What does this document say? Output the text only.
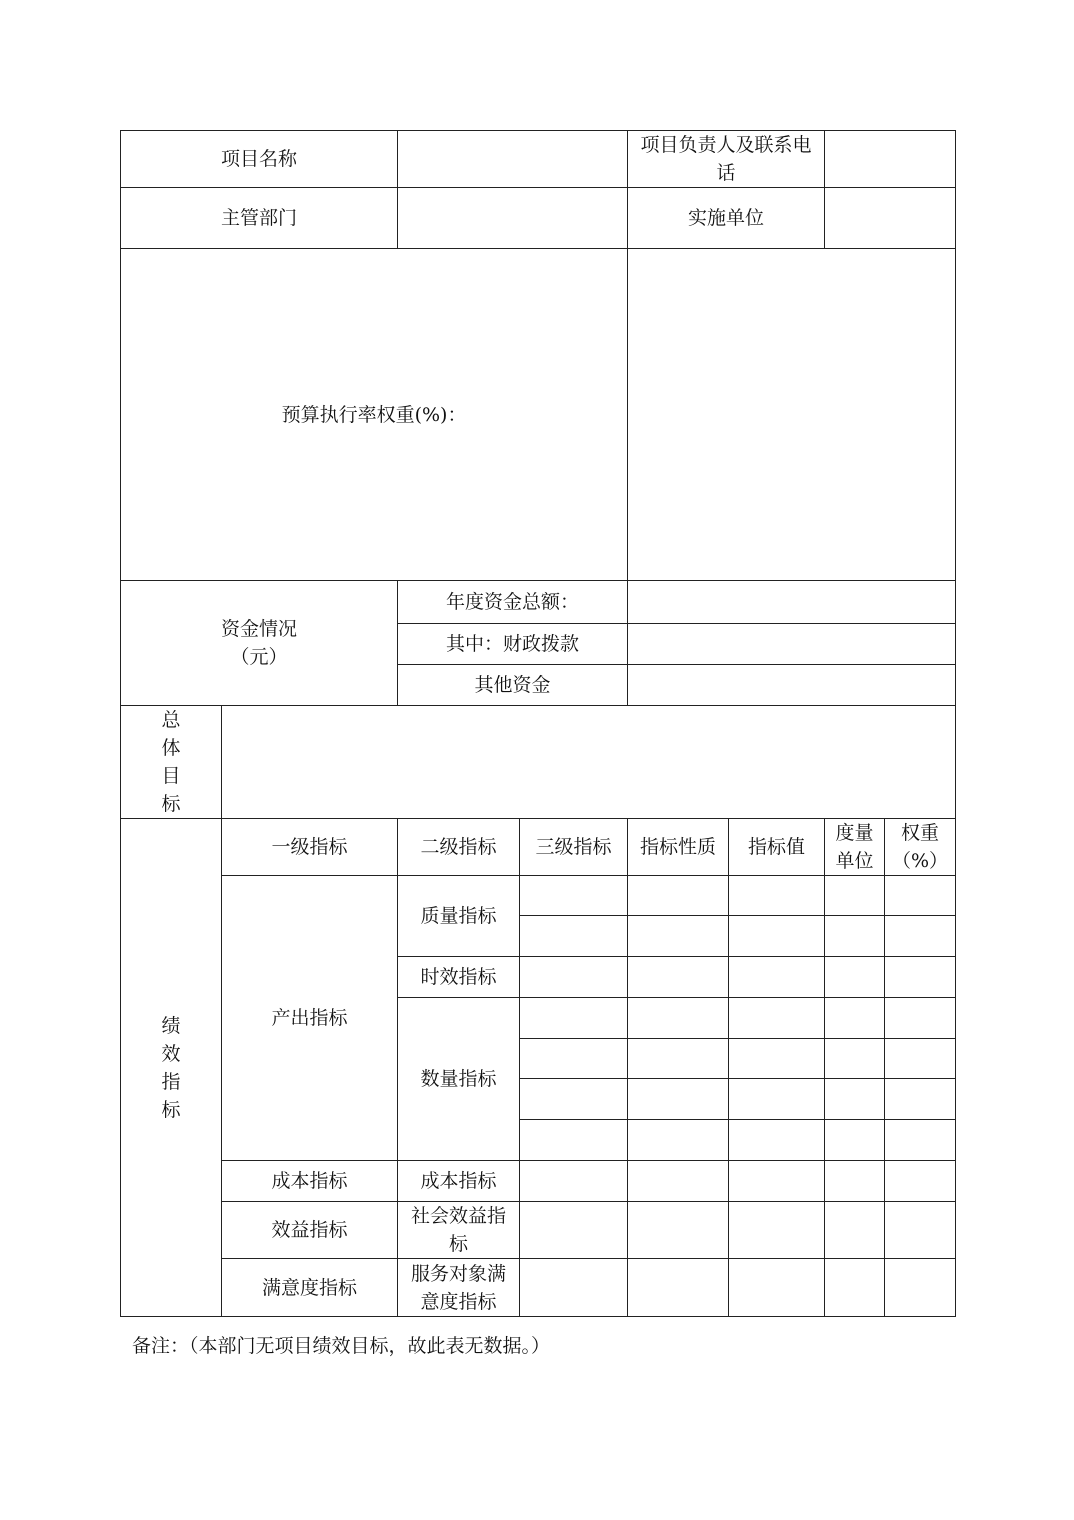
项目名称				项目负责人及联系电话			
主管部门				实施单位			
预算执行率权重(%)：							
资金情况（元）		年度资金总额：					
		其中：财政拨款					
		其他资金					

总体目标							

绩效指标	一级指标	二级指标	三级指标	指标性质	指标值	度量单位	权重（%）
	产出指标	质量指标					

		时效指标					
		数量指标					

	成本指标	成本指标					
	效益指标	社会效益指标					
	满意度指标	服务对象满意度指标					
备注：（本部门无项目绩效目标，故此表无数据。）
